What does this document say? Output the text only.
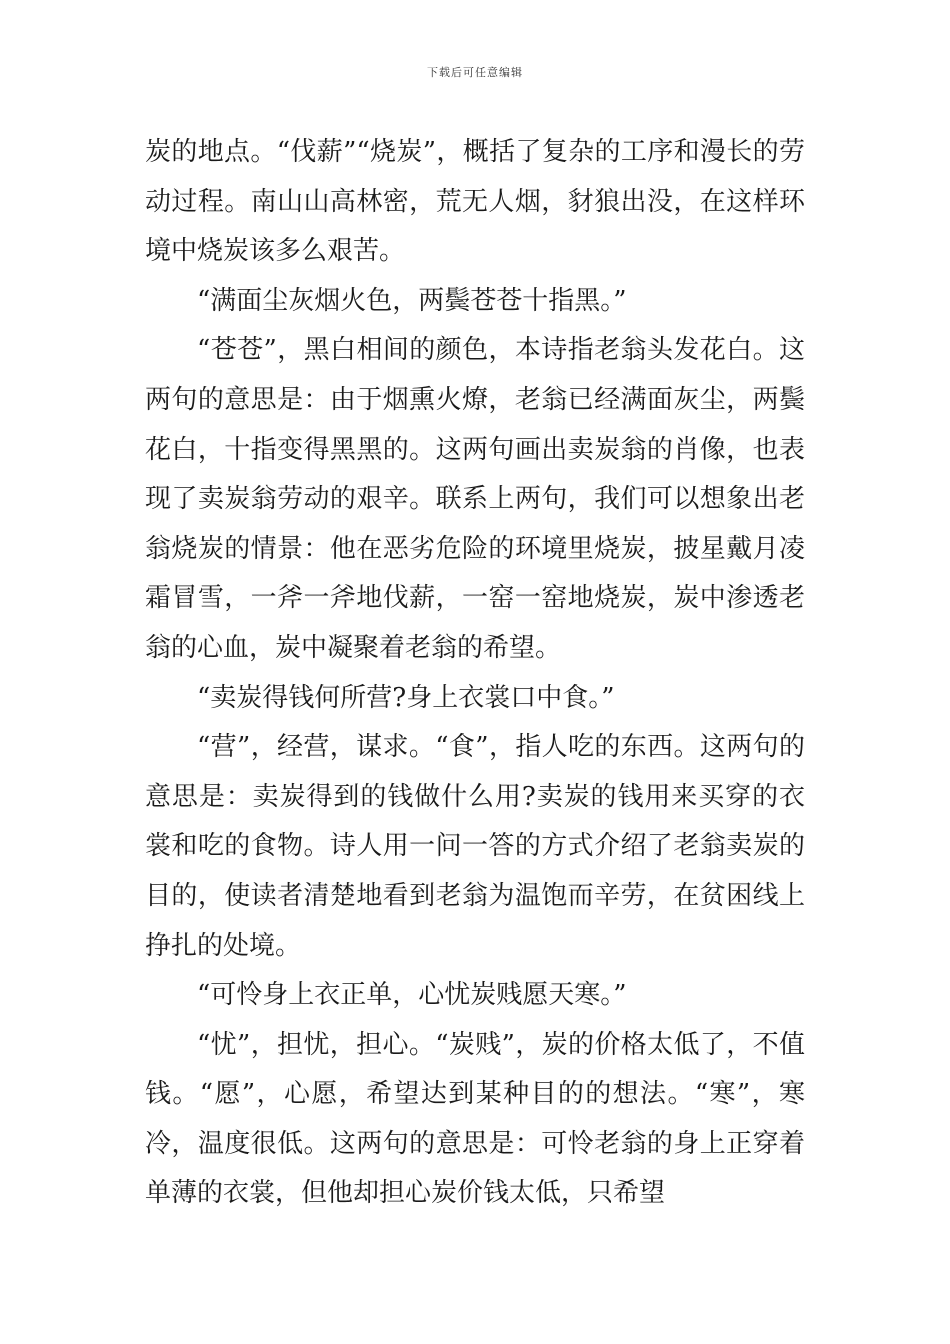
下载后可任意编辑

炭的地点。“伐薪”“烧炭”，概括了复杂的工序和漫长的劳动过程。南山山高林密，荒无人烟，豺狼出没，在这样环境中烧炭该多么艰苦。

“满面尘灰烟火色，两鬓苍苍十指黑。”

“苍苍”，黑白相间的颜色，本诗指老翁头发花白。这两句的意思是：由于烟熏火燎，老翁已经满面灰尘，两鬓花白，十指变得黑黑的。这两句画出卖炭翁的肖像，也表现了卖炭翁劳动的艰辛。联系上两句，我们可以想象出老翁烧炭的情景：他在恶劣危险的环境里烧炭，披星戴月凌霜冒雪，一斧一斧地伐薪，一窑一窑地烧炭，炭中渗透老翁的心血，炭中凝聚着老翁的希望。

“卖炭得钱何所营?身上衣裳口中食。”

“营”，经营，谋求。“食”，指人吃的东西。这两句的意思是：卖炭得到的钱做什么用?卖炭的钱用来买穿的衣裳和吃的食物。诗人用一问一答的方式介绍了老翁卖炭的目的，使读者清楚地看到老翁为温饱而辛劳，在贫困线上挣扎的处境。

“可怜身上衣正单，心忧炭贱愿天寒。”

“忧”，担忧，担心。“炭贱”，炭的价格太低了，不值钱。“愿”，心愿，希望达到某种目的的想法。“寒”，寒冷，温度很低。这两句的意思是：可怜老翁的身上正穿着单薄的衣裳，但他却担心炭价钱太低，只希望
